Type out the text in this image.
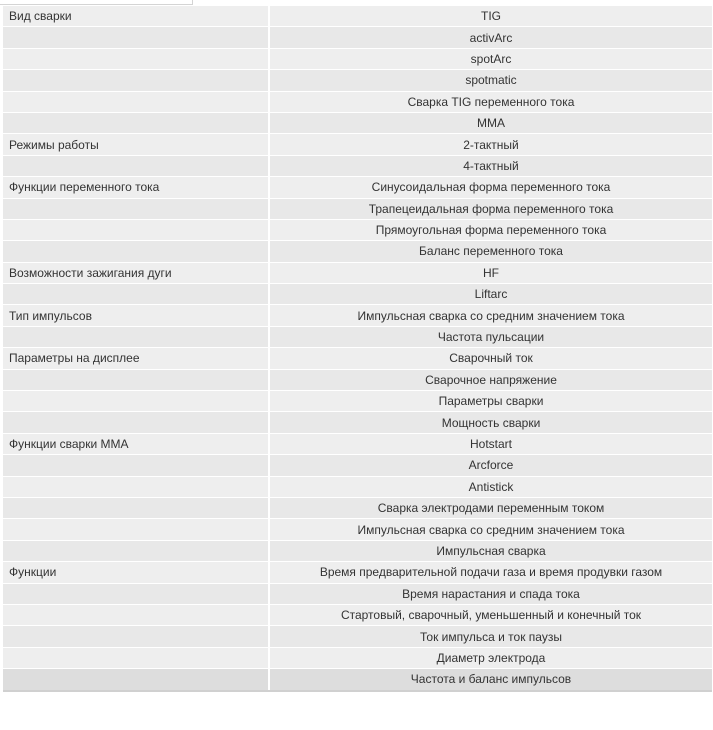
Вид сварки	TIG
	activArc
	spotArc
	spotmatic
	Сварка TIG переменного тока
	MMA
Режимы работы	2-тактный
	4-тактный
Функции переменного тока	Синусоидальная форма переменного тока
	Трапецеидальная форма переменного тока
	Прямоугольная форма переменного тока
	Баланс переменного тока
Возможности зажигания дуги	HF
	Liftarc
Тип импульсов	Импульсная сварка со средним значением тока
	Частота пульсации
Параметры на дисплее	Сварочный ток
	Сварочное напряжение
	Параметры сварки
	Мощность сварки
Функции сварки MMA	Hotstart
	Arcforce
	Antistick
	Сварка электродами переменным током
	Импульсная сварка со средним значением тока
	Импульсная сварка
Функции	Время предварительной подачи газа и время продувки газом
	Время нарастания и спада тока
	Стартовый, сварочный, уменьшенный и конечный ток
	Ток импульса и ток паузы
	Диаметр электрода
	Частота и баланс импульсов
